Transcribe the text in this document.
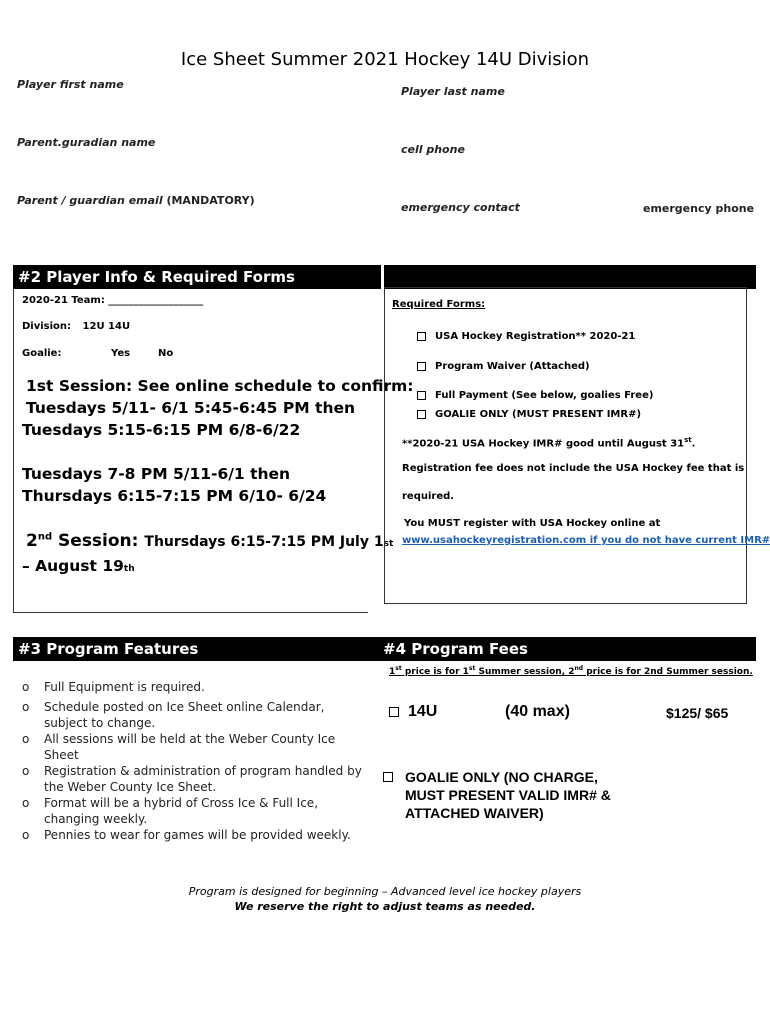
Ice Sheet Summer 2021 Hockey 14U Division
Player first name
Player last name
Parent.guradian name
cell phone
Parent / guardian email (MANDATORY)
emergency contact	emergency phone
#2 Player Info & Required Forms
2020-21 Team: ___________________
Division: 12U 14U
Goalie:	Yes	No
1st Session: See online schedule to confirm:
Tuesdays 5/11- 6/1 5:45-6:45 PM then
Tuesdays 5:15-6:15 PM 6/8-6/22
Tuesdays 7-8 PM 5/11-6/1 then
Thursdays 6:15-7:15 PM 6/10- 6/24
2nd Session: Thursdays 6:15-7:15 PM July 1st
– August 19th
Required Forms:
USA Hockey Registration** 2020-21
Program Waiver (Attached)
Full Payment (See below, goalies Free)
GOALIE ONLY (MUST PRESENT IMR#)
**2020-21 USA Hockey IMR# good until August 31st.
Registration fee does not include the USA Hockey fee that is
required.
You MUST register with USA Hockey online at
www.usahockeyregistration.com if you do not have current IMR#
#3 Program Features
o Full Equipment is required.
o Schedule posted on Ice Sheet online Calendar,
subject to change.
o All sessions will be held at the Weber County Ice
Sheet
o Registration & administration of program handled by
the Weber County Ice Sheet.
o Format will be a hybrid of Cross Ice & Full Ice,
changing weekly.
o Pennies to wear for games will be provided weekly.
#4 Program Fees
1st price is for 1st Summer session, 2nd price is for 2nd Summer session.
14U	(40 max)	$125/ $65
GOALIE ONLY (NO CHARGE,
MUST PRESENT VALID IMR# &
ATTACHED WAIVER)
Program is designed for beginning – Advanced level ice hockey players
We reserve the right to adjust teams as needed.
